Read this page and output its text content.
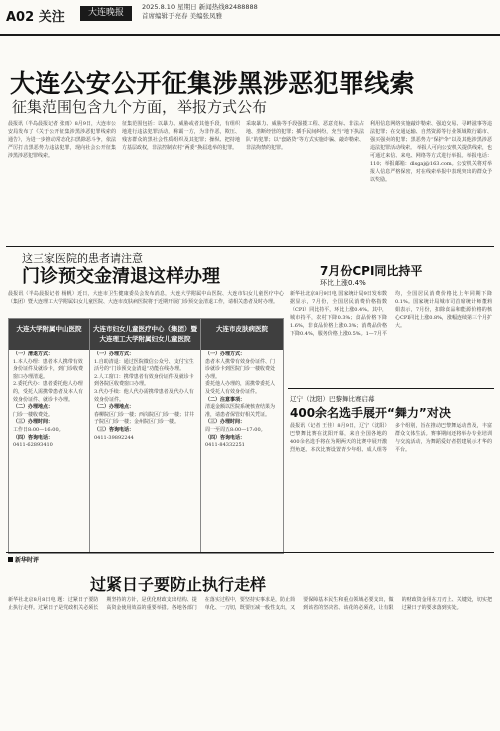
A02 关注	大连晚报
2025.8.10 星期日 新闻热线82488888
首席编辑于亮春 美编张凤雅
大连公安公开征集涉黑涉恶犯罪线索
征集范围包含九个方面，举报方式公布
晨报讯（半岛晨报记者 张雨）8月9日，大连市公安局发布了《关于公开征集涉黑涉恶犯罪线索的通告》，为进一步推动常态化扫黑除恶斗争，依法严厉打击黑恶势力违法犯罪，现向社会公开征集涉黑涉恶犯罪线索。
征集范围包括：以暴力、威胁或者其他手段，有组织地进行违法犯罪活动，称霸一方，为非作恶，欺压、残害群众的黑社会性质组织及其犯罪；操纵、把持地方基层政权，非法控制农村“两委”换届选举的犯罪。
采取暴力、威胁等手段强揽工程、恶意竞标、非法占地、垄断经营的犯罪；插手民间纠纷，充当“地下执法队”的犯罪；以“套路贷”等方式实施诈骗、敲诈勒索、非法拘禁的犯罪。
利用信息网络实施敲诈勒索、强迫交易、寻衅滋事等违法犯罪；在交通运输、自然资源等行业领域欺行霸市、强买强卖的犯罪；黑恶势力“保护伞”以及其他涉黑涉恶违法犯罪活动线索。 举报人可向公安机关提供线索，也可通过来信、来电、网络等方式进行举报。举报电话：110；举报邮箱：dlsgaj@163.com。公安机关将对举报人信息严格保密，对在线索举报中表现突出的群众予以奖励。
这三家医院的患者请注意
门诊预交金清退这样办理
晨报讯（半岛晨报记者 杨帆）近日，大连市卫生健康委员会发布消息，大连大学附属中山医院、大连市妇女儿童医疗中心（集团）暨大连理工大学附属妇女儿童医院、大连市皮肤病医院将于近期开展门诊预交金清退工作，请相关患者及时办理。
大连大学附属中山医院	大连市妇女儿童医疗中心（集团）暨大连理工大学附属妇女儿童医院
大连市皮肤病医院
（一）清退方式：
1.本人办理：患者本人携带有效身份证件及就诊卡，到门诊收费窗口办理清退。
2.委托代办：患者委托他人办理的，受托人需携带患者及本人有效身份证件、就诊卡办理。
（二）办理地点：
门诊一楼收费处。
（三）办理时间：
工作日8:00—16:00。
（四）咨询电话：
0411-62893410
（一）办理方式：
1.自助清退：通过医院微信公众号、支付宝生活号的“门诊预交金清退”功能在线办理。
2.人工窗口：携带患者有效身份证件及就诊卡到各院区收费窗口办理。
3.代办手续：他人代办需携带患者及代办人有效身份证件。
（二）办理地点：
春柳院区门诊一楼；西岗院区门诊一楼；甘井子院区门诊一楼；金州院区门诊一楼。
（三）咨询电话：
0411-39892244
（一）办理方式：
患者本人携带有效身份证件、门诊就诊卡到医院门诊一楼收费处办理。
委托他人办理的，需携带委托人及受托人有效身份证件。
（二）注意事项：
清退金额以医院系统核查结果为准，请患者保管好相关凭证。
（三）办理时间：
周一至周五8:00—17:00。
（四）咨询电话：
0411-84332251
7月份CPI同比持平
环比上涨0.4%
新华社北京8月9日电 国家统计局9日发布数据显示，7月份，全国居民消费价格指数（CPI）同比持平，环比上涨0.4%。其中，城市持平，农村下降0.3%；食品价格下降1.6%，非食品价格上涨0.3%；消费品价格下降0.4%，服务价格上涨0.5%。1—7月平均，全国居民消费价格比上年同期下降0.1%。国家统计局城市司首席统计师董莉娟表示，7月份，扣除食品和能源价格的核心CPI同比上涨0.8%，涨幅连续第三个月扩大。
辽宁（沈阳）巴黎舞比赛启幕
400余名选手展开“舞力”对决
晨报讯（记者 王佳）8月9日，辽宁（沈阳）巴黎舞比赛在沈阳开幕，来自全国各地的400余名选手将在为期两天的比赛中展开激烈角逐。本次比赛设置青少年组、成人组等多个组别，旨在推动巴黎舞运动普及，丰富群众文体生活。赛事期间还将举办专业培训与交流活动，为舞蹈爱好者搭建展示才华的平台。
新华时评
过紧日子要防止执行走样
新华社北京8月8日电 题：过紧日子要防止执行走样。过紧日子是党政机关必须长期坚持的方针，是优化财政支出结构、提高资金使用效益的重要举措。各地各部门在落实过程中，要坚持实事求是，防止简单化、一刀切，既要压减一般性支出，又要保障基本民生和重点领域必要支出，做到该省的坚决省、该花的必须花，让有限的财政资金用在刀刃上、关键处，切实把过紧日子的要求落到实处。
